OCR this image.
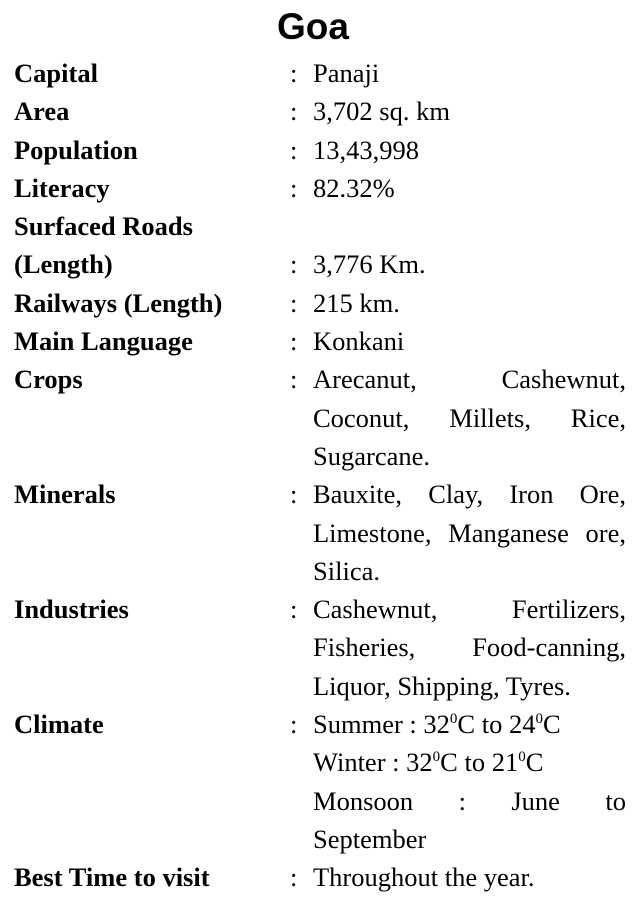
Goa
Capital	: Panaji
Area	: 3,702 sq. km
Population	: 13,43,998
Literacy	: 82.32%
Surfaced Roads
(Length)	: 3,776 Km.
Railways (Length)	: 215 km.
Main Language	: Konkani
Crops	: Arecanut, Cashewnut, Coconut, Millets, Rice, Sugarcane.
Minerals	: Bauxite, Clay, Iron Ore, Limestone, Manganese ore, Silica.
Industries	: Cashewnut, Fertilizers, Fisheries, Food-canning, Liquor, Shipping, Tyres.
Climate	: Summer : $32^0C$ to $24^0C$
Winter : $32^0C$ to $21^0C$
Monsoon : June to September
Best Time to visit	: Throughout the year.
